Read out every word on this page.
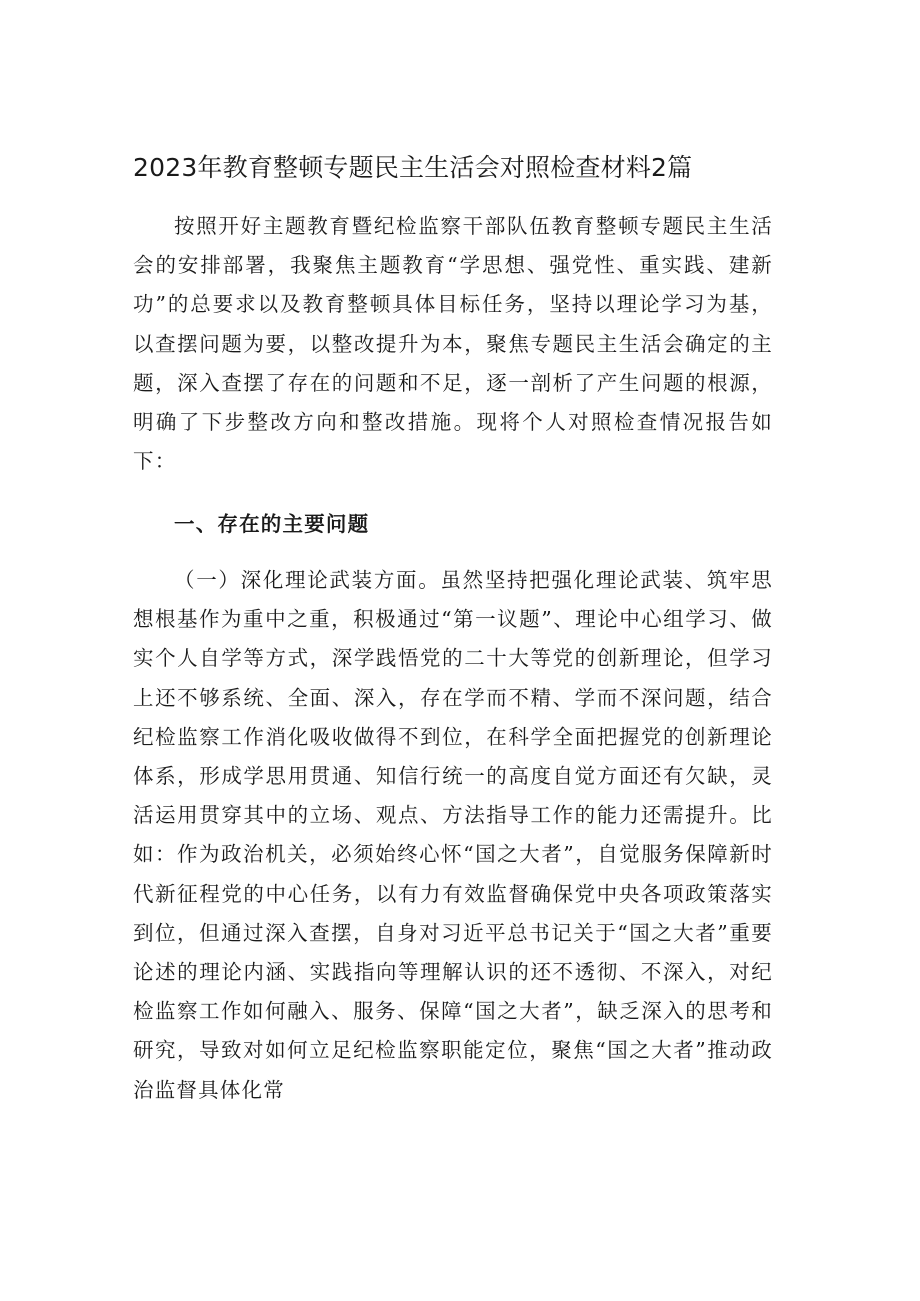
2023年教育整顿专题民主生活会对照检查材料2篇

按照开好主题教育暨纪检监察干部队伍教育整顿专题民主生活会的安排部署，我聚焦主题教育“学思想、强党性、重实践、建新功”的总要求以及教育整顿具体目标任务，坚持以理论学习为基，以查摆问题为要，以整改提升为本，聚焦专题民主生活会确定的主题，深入查摆了存在的问题和不足，逐一剖析了产生问题的根源，明确了下步整改方向和整改措施。现将个人对照检查情况报告如下：

一、存在的主要问题

（一）深化理论武装方面。虽然坚持把强化理论武装、筑牢思想根基作为重中之重，积极通过“第一议题”、理论中心组学习、做实个人自学等方式，深学践悟党的二十大等党的创新理论，但学习上还不够系统、全面、深入，存在学而不精、学而不深问题，结合纪检监察工作消化吸收做得不到位，在科学全面把握党的创新理论体系，形成学思用贯通、知信行统一的高度自觉方面还有欠缺，灵活运用贯穿其中的立场、观点、方法指导工作的能力还需提升。比如：作为政治机关，必须始终心怀“国之大者”，自觉服务保障新时代新征程党的中心任务，以有力有效监督确保党中央各项政策落实到位，但通过深入查摆，自身对习近平总书记关于“国之大者”重要论述的理论内涵、实践指向等理解认识的还不透彻、不深入，对纪检监察工作如何融入、服务、保障“国之大者”，缺乏深入的思考和研究，导致对如何立足纪检监察职能定位，聚焦“国之大者”推动政治监督具体化常
